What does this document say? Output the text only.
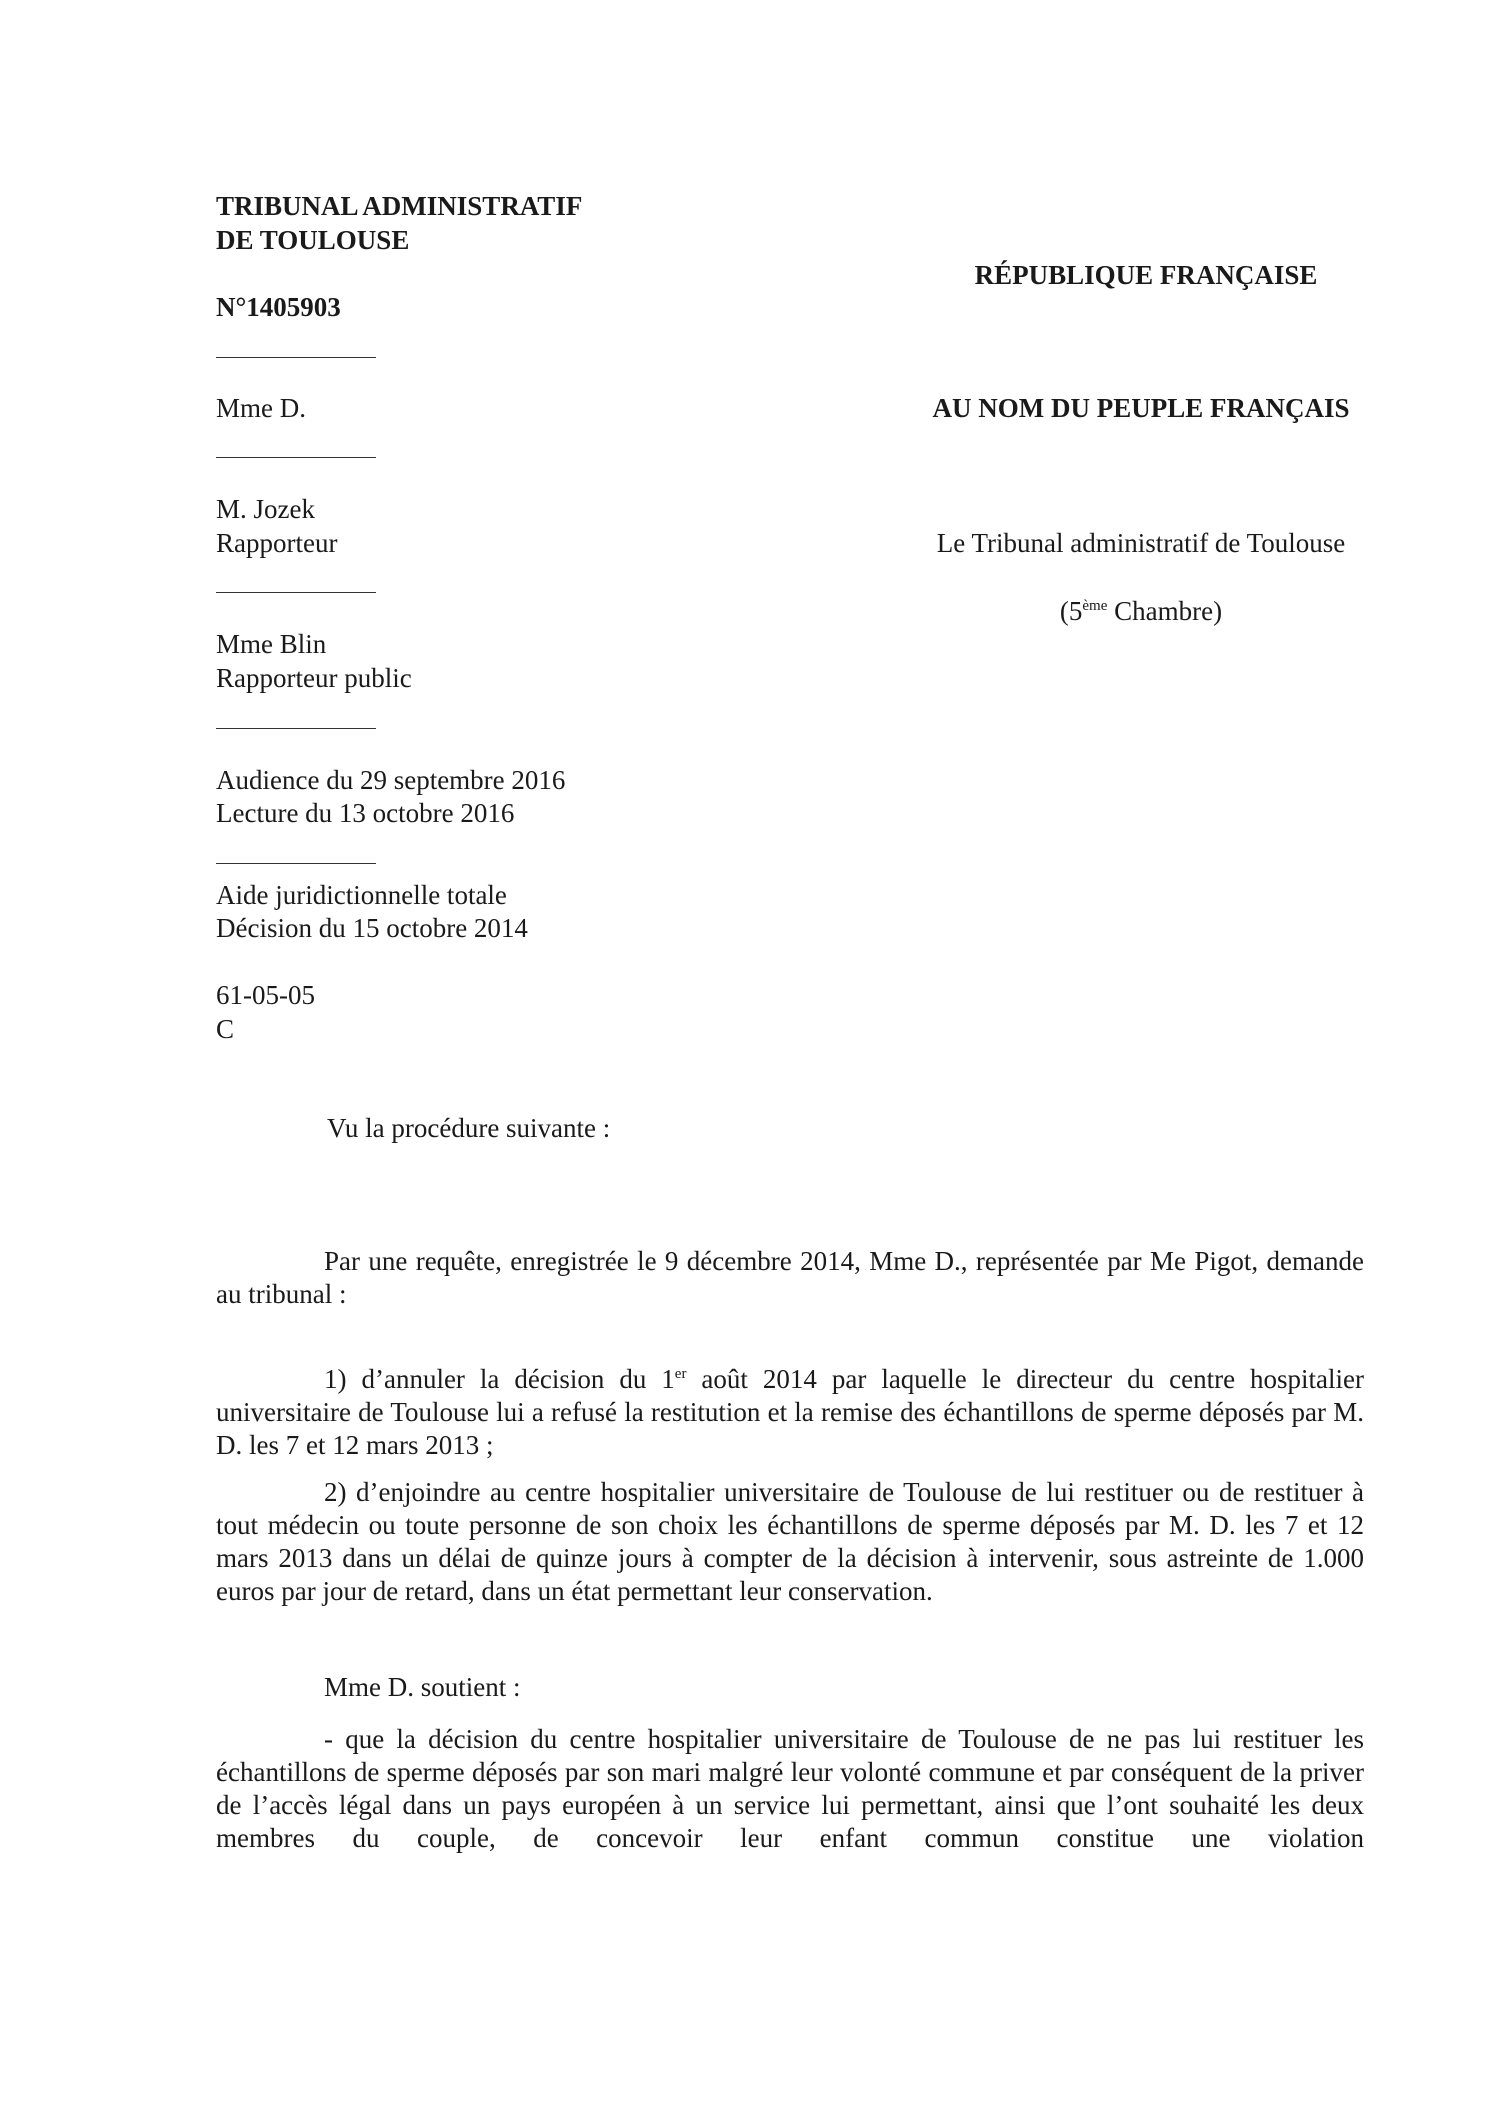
TRIBUNAL ADMINISTRATIF
DE TOULOUSE
N°1405903
Mme D.
M. Jozek
Rapporteur
Mme Blin
Rapporteur public
Audience du 29 septembre 2016
Lecture du 13 octobre 2016
Aide juridictionnelle totale
Décision du 15 octobre 2014
61-05-05
C
RÉPUBLIQUE FRANÇAISE
AU NOM DU PEUPLE FRANÇAIS
Le Tribunal administratif de Toulouse
(5ème Chambre)
Vu la procédure suivante :
Par une requête, enregistrée le 9 décembre 2014, Mme D., représentée par Me Pigot, demande au tribunal :
1) d’annuler la décision du 1er août 2014 par laquelle le directeur du centre hospitalier universitaire de Toulouse lui a refusé la restitution et la remise des échantillons de sperme déposés par M. D. les 7 et 12 mars 2013 ;
2) d’enjoindre au centre hospitalier universitaire de Toulouse de lui restituer ou de restituer à tout médecin ou toute personne de son choix les échantillons de sperme déposés par M. D. les 7 et 12 mars 2013 dans un délai de quinze jours à compter de la décision à intervenir, sous astreinte de 1.000 euros par jour de retard, dans un état permettant leur conservation.
Mme D. soutient :
- que la décision du centre hospitalier universitaire de Toulouse de ne pas lui restituer les échantillons de sperme déposés par son mari malgré leur volonté commune et par conséquent de la priver de l’accès légal dans un pays européen à un service lui permettant, ainsi que l’ont souhaité les deux membres du couple, de concevoir leur enfant commun constitue une violation
